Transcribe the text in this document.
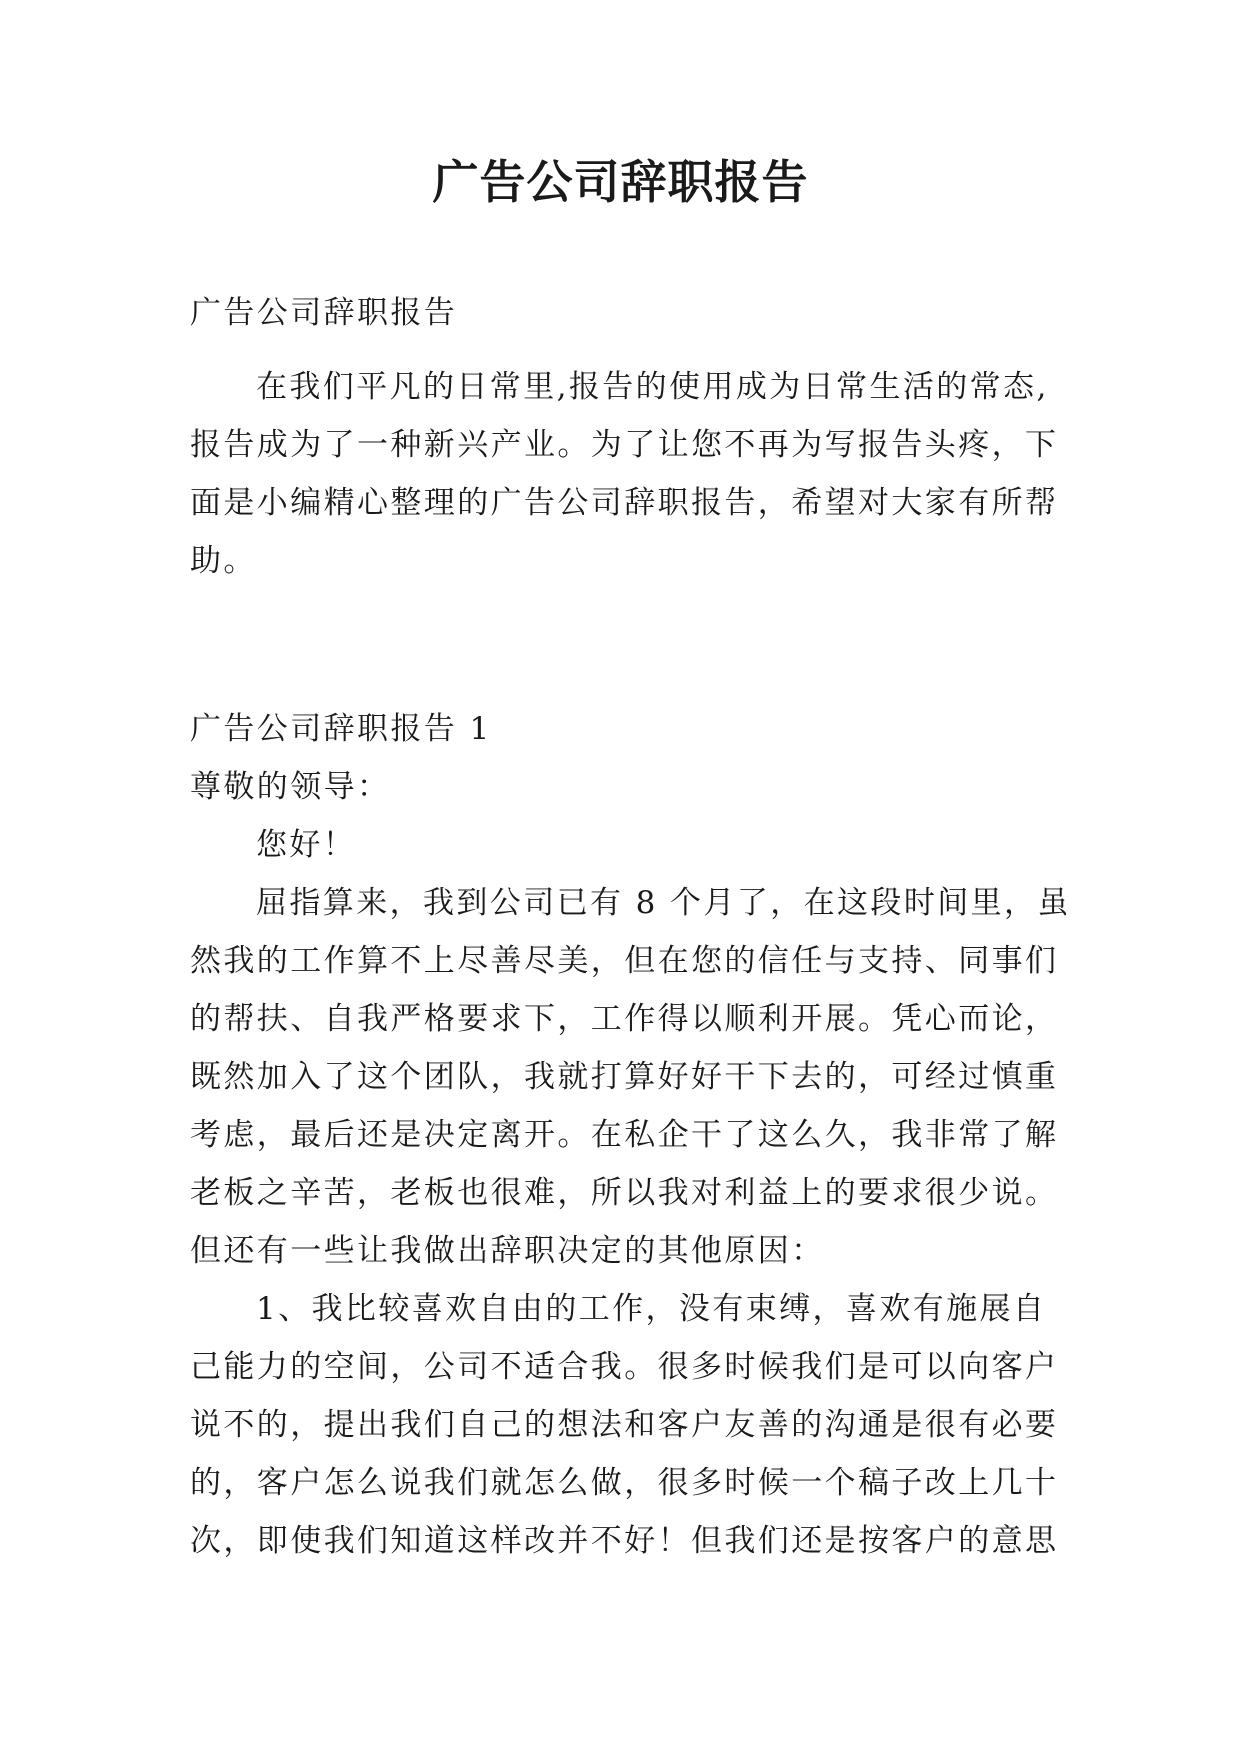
广告公司辞职报告
广告公司辞职报告
在我们平凡的日常里,报告的使用成为日常生活的常态,
报告成为了一种新兴产业。为了让您不再为写报告头疼，下
面是小编精心整理的广告公司辞职报告，希望对大家有所帮
助。
广告公司辞职报告 1
尊敬的领导：
您好！
屈指算来，我到公司已有 8 个月了，在这段时间里，虽
然我的工作算不上尽善尽美，但在您的信任与支持、同事们
的帮扶、自我严格要求下，工作得以顺利开展。凭心而论，
既然加入了这个团队，我就打算好好干下去的，可经过慎重
考虑，最后还是决定离开。在私企干了这么久，我非常了解
老板之辛苦，老板也很难，所以我对利益上的要求很少说。
但还有一些让我做出辞职决定的其他原因：
1、我比较喜欢自由的工作，没有束缚，喜欢有施展自
己能力的空间，公司不适合我。很多时候我们是可以向客户
说不的，提出我们自己的想法和客户友善的沟通是很有必要
的，客户怎么说我们就怎么做，很多时候一个稿子改上几十
次，即使我们知道这样改并不好！但我们还是按客户的意思
